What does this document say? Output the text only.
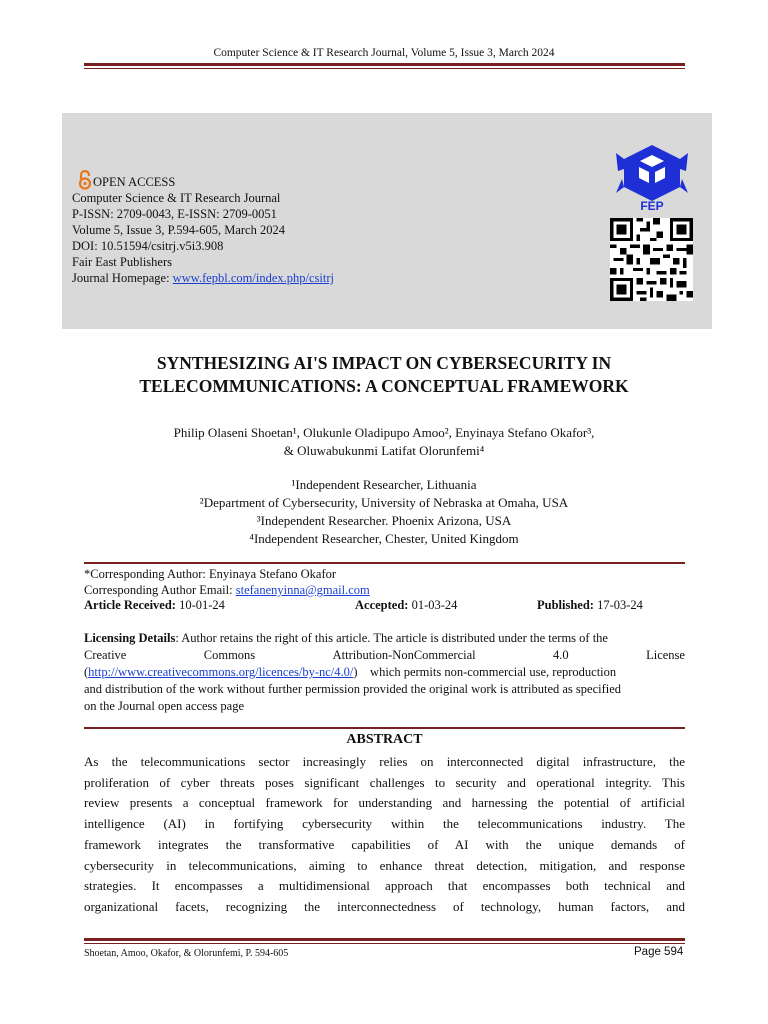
Computer Science & IT Research Journal, Volume 5, Issue 3, March 2024
OPEN ACCESS
Computer Science & IT Research Journal
P-ISSN: 2709-0043, E-ISSN: 2709-0051
Volume 5, Issue 3, P.594-605, March 2024
DOI: 10.51594/csitrj.v5i3.908
Fair East Publishers
Journal Homepage: www.fepbl.com/index.php/csitrj
FEP
SYNTHESIZING AI'S IMPACT ON CYBERSECURITY IN
TELECOMMUNICATIONS: A CONCEPTUAL FRAMEWORK
Philip Olaseni Shoetan¹, Olukunle Oladipupo Amoo², Enyinaya Stefano Okafor³,
& Oluwabukunmi Latifat Olorunfemi⁴
¹Independent Researcher, Lithuania
²Department of Cybersecurity, University of Nebraska at Omaha, USA
³Independent Researcher. Phoenix Arizona, USA
⁴Independent Researcher, Chester, United Kingdom
*Corresponding Author: Enyinaya Stefano Okafor
Corresponding Author Email: stefanenyinna@gmail.com
Article Received: 10-01-24	Accepted: 01-03-24	Published: 17-03-24
Licensing Details: Author retains the right of this article. The article is distributed under the terms of the
Creative	Commons	Attribution-NonCommercial	4.0	License
(http://www.creativecommons.org/licences/by-nc/4.0/)    which permits non-commercial use, reproduction
and distribution of the work without further permission provided the original work is attributed as specified
on the Journal open access page
ABSTRACT
As the telecommunications sector increasingly relies on interconnected digital infrastructure, the
proliferation of cyber threats poses significant challenges to security and operational integrity. This
review presents a conceptual framework for understanding and harnessing the potential of artificial
intelligence (AI) in fortifying cybersecurity within the telecommunications industry. The
framework integrates the transformative capabilities of AI with the unique demands of
cybersecurity in telecommunications, aiming to enhance threat detection, mitigation, and response
strategies. It encompasses a multidimensional approach that encompasses both technical and
organizational facets, recognizing the interconnectedness of technology, human factors, and
Shoetan, Amoo, Okafor, & Olorunfemi, P. 594-605	Page 594
